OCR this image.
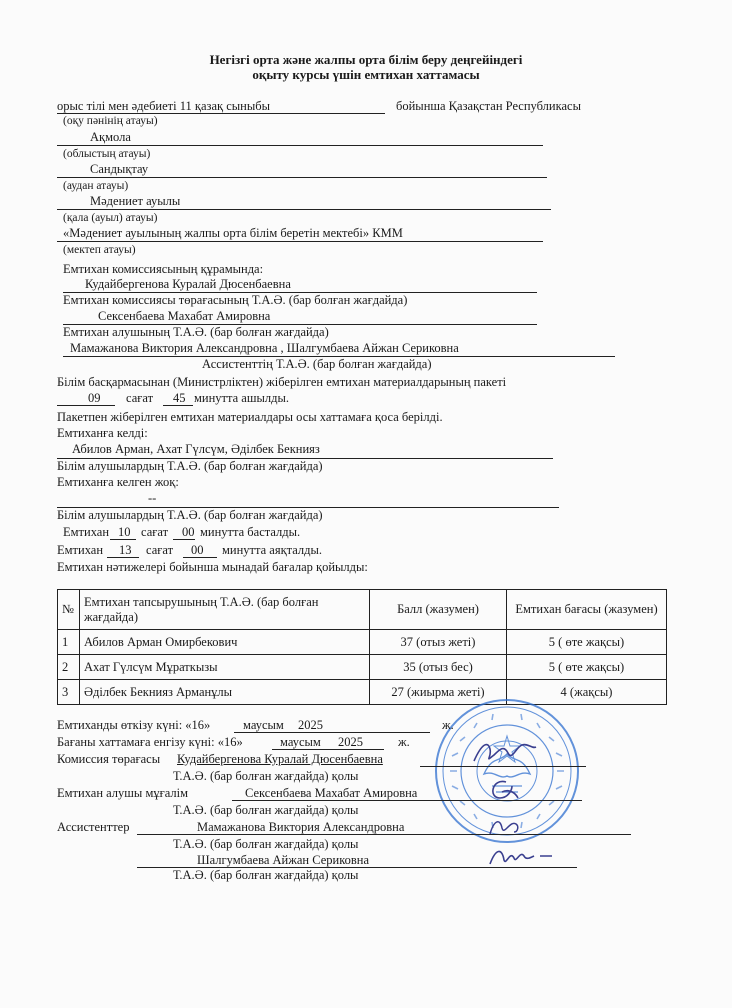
Негізгі орта және жалпы орта білім беру деңгейіндегі
оқыту курсы үшін емтихан хаттамасы
орыс тілі мен әдебиеті 11 қазақ сыныбы	бойынша Қазақстан Республикасы
(оқу пәнінің атауы)
Ақмола
(облыстың атауы)
Сандықтау
(аудан атауы)
Мәдениет ауылы
(қала (ауыл) атауы)
«Мәдениет ауылының жалпы орта білім беретін мектебі» КММ
(мектеп атауы)
Емтихан комиссиясының құрамында:
Кудайбергенова Куралай Дюсенбаевна
Емтихан комиссиясы төрағасының Т.А.Ә. (бар болған жағдайда)
Сексенбаева Махабат Амировна
Емтихан алушының Т.А.Ә. (бар болған жағдайда)
Мамажанова Виктория Александровна , Шалгумбаева Айжан Сериковна
Ассистенттің Т.А.Ә. (бар болған жағдайда)
Білім басқармасынан (Министрліктен) жіберілген емтихан материалдарының пакеті
09 сағат 45 минутта ашылды.
Пакетпен жіберілген емтихан материалдары осы хаттамаға қоса берілді.
Емтиханға келді:
Абилов Арман, Ахат Гүлсүм, Әділбек Бекнияз
Білім алушылардың Т.А.Ә. (бар болған жағдайда)
Емтиханға келген жоқ:
--
Білім алушылардың Т.А.Ә. (бар болған жағдайда)
Емтихан 10 сағат 00 минутта басталды.
Емтихан 13 сағат 00 минутта аяқталды.
Емтихан нәтижелері бойынша мынадай бағалар қойылды:
№	Емтихан тапсырушының Т.А.Ә. (бар болған жағдайда)	Балл (жазумен)	Емтихан бағасы (жазумен)
1	Абилов Арман Омирбекович	37 (отыз жеті)	5 ( өте жақсы)
2	Ахат Гүлсүм Мұраткызы	35 (отыз бес)	5 ( өте жақсы)
3	Әділбек Бекнияз Арманұлы	27 (жиырма жеті)	4 (жақсы)
Емтиханды өткізу күні: «16»	маусым 2025	ж.
Бағаны хаттамаға енгізу күні: «16»	маусым 2025	ж.
Комиссия төрағасы Кудайбергенова Куралай Дюсенбаевна
Т.А.Ә. (бар болған жағдайда) қолы
Емтихан алушы мұғалім	Сексенбаева Махабат Амировна
Т.А.Ә. (бар болған жағдайда) қолы
Ассистенттер	Мамажанова Виктория Александровна
Т.А.Ә. (бар болған жағдайда) қолы
Шалгумбаева Айжан Сериковна
Т.А.Ә. (бар болған жағдайда) қолы
